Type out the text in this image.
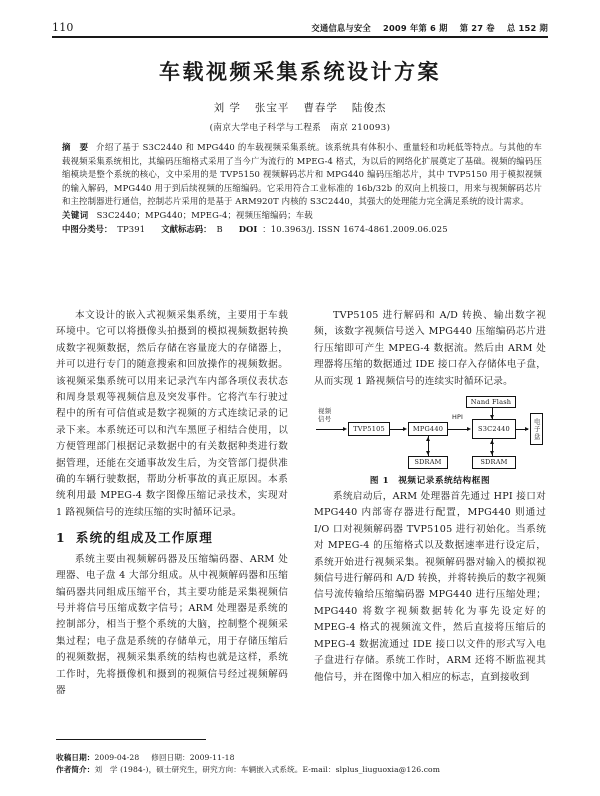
110	交通信息与安全 2009 年第 6 期 第 27 卷 总 152 期
车载视频采集系统设计方案
刘 学 张宝平 曹春学 陆俊杰
(南京大学电子科学与工程系　南京 210093)

摘 要 介绍了基于 S3C2440 和 MPG440 的车载视频采集系统。该系统具有体积小、重量轻和功耗低等特点。与其他的车载视频采集系统相比，其编码压缩格式采用了当今广为流行的 MPEG-4 格式，为以后的网络化扩展奠定了基础。视频的编码压缩模块是整个系统的核心，文中采用的是 TVP5150 视频解码芯片和 MPG440 编码压缩芯片，其中 TVP5150 用于模拟视频的输入解码，MPG440 用于到后续视频的压缩编码。它采用符合工业标准的 16b/32b 的双向上机接口，用来与视频解码芯片和主控制器进行通信，控制芯片采用的是基于 ARM920T 内核的 S3C2440，其强大的处理能力完全满足系统的设计需求。

关键词 S3C2440；MPG440；MPEG-4；视频压缩编码；车载

中图分类号： TP391 文献标志码： B DOI ：10.3963/j. ISSN 1674-4861.2009.06.025

本文设计的嵌入式视频采集系统，主要用于车载环境中。它可以将摄像头拍摄到的模拟视频数据转换成数字视频数据，然后存储在容量庞大的存储器上，并可以进行专门的随意搜索和回放操作的视频数据。该视频采集系统可以用来记录汽车内部各项仪表状态和周身景观等视频信息及突发事件。它将汽车行驶过程中的所有可信值或是数字视频的方式连续记录的记录下来。本系统还可以和汽车黑匣子相结合使用，以方便管理部门根据记录数据中的有关数据种类进行数据管理，还能在交通事故发生后，为交管部门提供准确的车辆行驶数据，帮助分析事故的真正原因。本系统利用最 MPEG-4 数字图像压缩记录技术，实现对 1 路视频信号的连续压缩的实时循环记录。

1 系统的组成及工作原理

系统主要由视频解码器及压缩编码器、ARM 处理器、电子盘 4 大部分组成。从中视频解码器和压缩编码器共同组成压缩平台，其主要功能是采集视频信号并将信号压缩成数字信号；ARM 处理器是系统的控制部分，相当于整个系统的大脑，控制整个视频采集过程；电子盘是系统的存储单元，用于存储压缩后的视频数据，视频采集系统的结构也就是这样，系统工作时，先将摄像机和摄到的视频信号经过视频解码器

TVP5105 进行解码和 A/D 转换、输出数字视频，该数字视频信号送入 MPG440 压缩编码芯片进行压缩即可产生 MPEG-4 数据流。然后由 ARM 处理器将压缩的数据通过 IDE 接口存入存储体电子盘，从而实现 1 路视频信号的连续实时循环记录。

视频
信号
TVP5105	MPG440
SDRAM
HPI
S3C2440
Nand Flash
SDRAM
电子盘
图 1 视频记录系统结构框图

系统启动后，ARM 处理器首先通过 HPI 接口对 MPG440 内部寄存器进行配置，MPG440 则通过 I/O 口对视频解码器 TVP5105 进行初始化。当系统对 MPEG-4 的压缩格式以及数据速率进行设定后，系统开始进行视频采集。视频解码器对输入的模拟视频信号进行解码和 A/D 转换，并将转换后的数字视频信号流传输给压缩编码器 MPG440 进行压缩处理；MPG440 将数字视频数据转化为事先设定好的 MPEG-4 格式的视频流文件，然后直接将压缩后的 MPEG-4 数据流通过 IDE 接口以文件的形式写入电子盘进行存储。系统工作时，ARM 还将不断监视其他信号，并在图像中加入相应的标志，直到接收到

收稿日期：2009-04-28 修回日期：2009-11-18

作者简介：刘　学 (1984-)，硕士研究生，研究方向：车辆嵌入式系统。E-mail：slplus_liuguoxia@126.com
